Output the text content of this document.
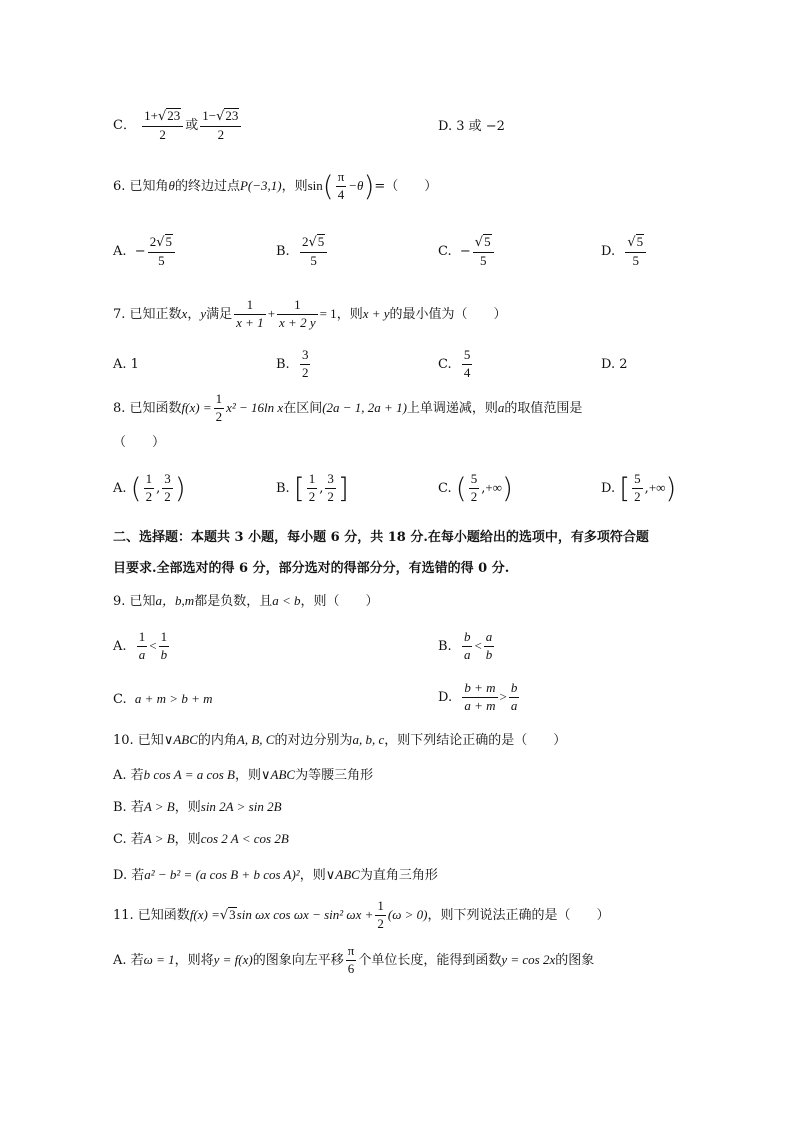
C． $\frac{1+√23}{2}$ 或 $\frac{1-√23}{2}$	D. 3 或 −2
6. 已知角θ的终边过点P(−3,1)，则$\sin( \frac{\pi}{4} -\theta)=$（　　）
A. − $\frac{2√5}{5}$	B. $\frac{2√5}{5}$	C. − $\frac{√5}{5}$	D. $\frac{√5}{5}$
7. 已知正数x，y满足 $\frac{1}{x + 1} + \frac{1}{x + 2 y} = 1$，则x + y的最小值为（　　）
A. 1	B. $\frac{3}{2}$	C. $\frac{5}{4}$	D. 2
8. 已知函数$f(x) = \frac{1}{2} x^2 - 16\ln$ x在区间(2a − 1, 2a + 1)上单调递减，则a的取值范围是
（　　）
A. ( $\frac{1}{2}$ , $\frac{3}{2}$ )	B. [ $\frac{1}{2}$ , $\frac{3}{2}$ ]	C. ( $\frac{5}{2}$ ,+∞)	D. [ $\frac{5}{2}$ ,+∞)
二、选择题：本题共 3 小题，每小题 6 分，共 18 分.在每小题给出的选项中，有多项符合题
目要求.全部选对的得 6 分，部分选对的得部分分，有选错的得 0 分.
9. 已知a，b,m都是负数，且a < b，则（　　）
A. $\frac{1}{a} < \frac{1}{b}$	B. $\frac{b}{a} < \frac{a}{b}$
C. a + m > b + m	D. $\frac{b + m}{a + m} > \frac{b}{a}$
10. 已知∨ABC的内角A, B, C的对边分别为a, b, c，则下列结论正确的是（　　）
A. 若b cos A = a cos B，则∨ABC为等腰三角形
B. 若A > B，则sin 2A > sin 2B
C. 若A > B，则cos 2 A < cos 2B
D. 若a² − b² = (a cos B + b cos A)²，则∨ABC为直角三角形
11. 已知函数f(x) =√3sin ωx cos ωx − sin² $\omega x + \frac{1}{2} (\omega > 0)$，则下列说法正确的是（　　）
A. 若ω = 1，则将y = f(x)的图象向左平移 $\frac{\pi}{6}$ 个单位长度，能得到函数y = cos 2x的图象
